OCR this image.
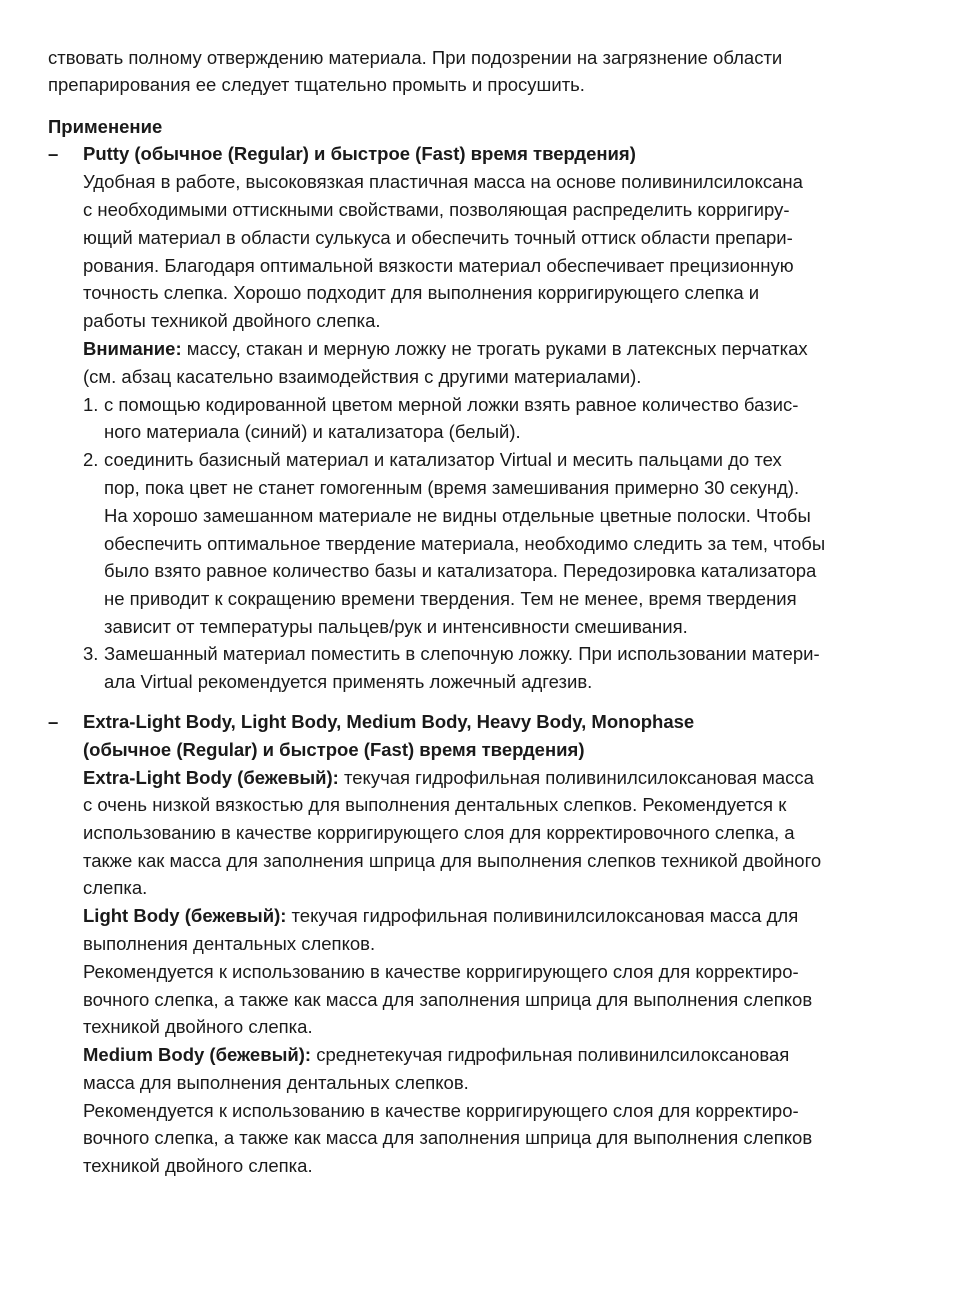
ствовать полному отверждению материала. При подозрении на загрязнение области
препарирования ее следует тщательно промыть и просушить.
Применение
– Putty (обычное (Regular) и быстрое (Fast) время твердения)
Удобная в работе, высоковязкая пластичная масса на основе поливинилсилоксана
с необходимыми оттискными свойствами, позволяющая распределить корригиру-
ющий материал в области сулькуса и обеспечить точный оттиск области препари-
рования. Благодаря оптимальной вязкости материал обеспечивает прецизионную
точность слепка. Хорошо подходит для выполнения корригирующего слепка и
работы техникой двойного слепка.
Внимание: массу, стакан и мерную ложку не трогать руками в латексных перчатках
(см. абзац касательно взаимодействия с другими материалами).
1. с помощью кодированной цветом мерной ложки взять равное количество базис-
ного материала (синий) и катализатора (белый).
2. соединить базисный материал и катализатор Virtual и месить пальцами до тех
пор, пока цвет не станет гомогенным (время замешивания примерно 30 секунд).
На хорошо замешанном материале не видны отдельные цветные полоски. Чтобы
обеспечить оптимальное твердение материала, необходимо следить за тем, чтобы
было взято равное количество базы и катализатора. Передозировка катализатора
не приводит к сокращению времени твердения. Тем не менее, время твердения
зависит от температуры пальцев/рук и интенсивности смешивания.
3. Замешанный материал поместить в слепочную ложку. При использовании матери-
ала Virtual рекомендуется применять ложечный адгезив.
– Extra-Light Body, Light Body, Medium Body, Heavy Body, Monophase
(обычное (Regular) и быстрое (Fast) время твердения)
Extra-Light Body (бежевый): текучая гидрофильная поливинилсилоксановая масса
с очень низкой вязкостью для выполнения дентальных слепков. Рекомендуется к
использованию в качестве корригирующего слоя для корректировочного слепка, а
также как масса для заполнения шприца для выполнения слепков техникой двойного
слепка.
Light Body (бежевый): текучая гидрофильная поливинилсилоксановая масса для
выполнения дентальных слепков.
Рекомендуется к использованию в качестве корригирующего слоя для корректиро-
вочного слепка, а также как масса для заполнения шприца для выполнения слепков
техникой двойного слепка.
Medium Body (бежевый): среднетекучая гидрофильная поливинилсилоксановая
масса для выполнения дентальных слепков.
Рекомендуется к использованию в качестве корригирующего слоя для корректиро-
вочного слепка, а также как масса для заполнения шприца для выполнения слепков
техникой двойного слепка.
